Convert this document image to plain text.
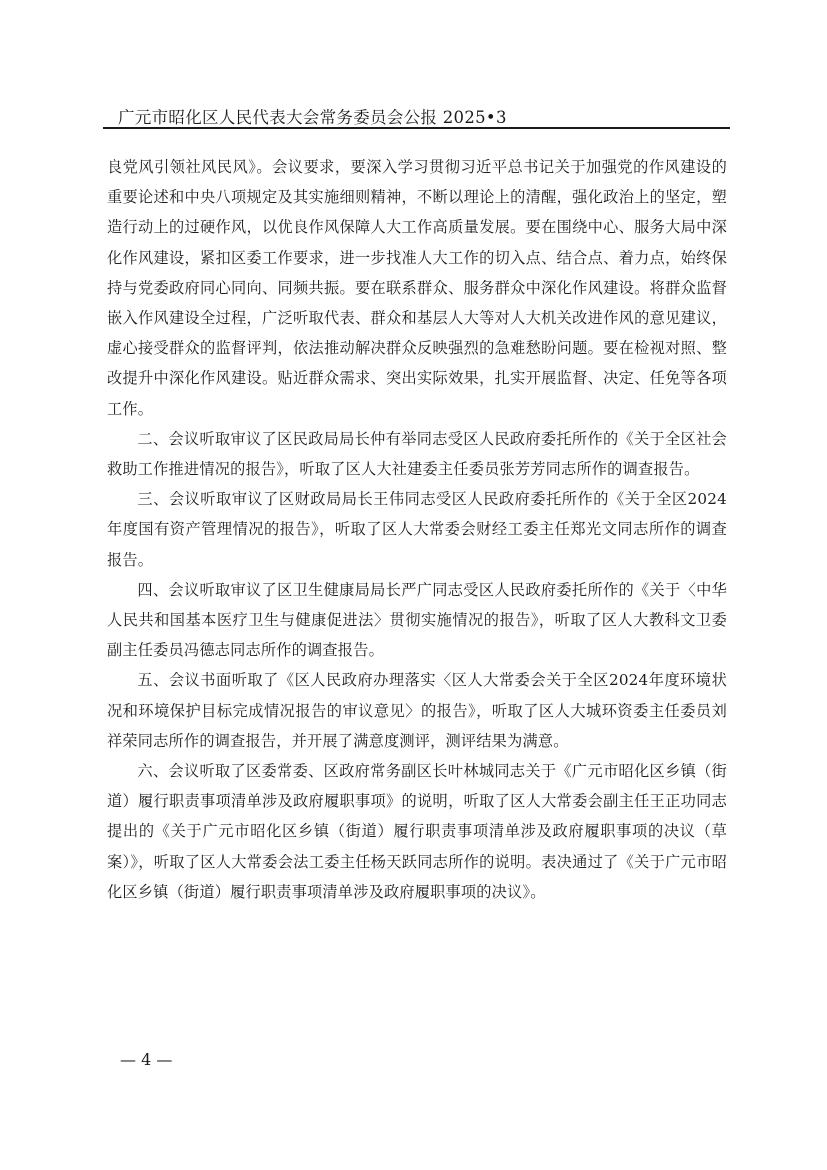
广元市昭化区人民代表大会常务委员会公报 2025•3

良党风引领社风民风》。会议要求，要深入学习贯彻习近平总书记关于加强党的作风建设的重要论述和中央八项规定及其实施细则精神，不断以理论上的清醒，强化政治上的坚定，塑造行动上的过硬作风，以优良作风保障人大工作高质量发展。要在围绕中心、服务大局中深化作风建设，紧扣区委工作要求，进一步找准人大工作的切入点、结合点、着力点，始终保持与党委政府同心同向、同频共振。要在联系群众、服务群众中深化作风建设。将群众监督嵌入作风建设全过程，广泛听取代表、群众和基层人大等对人大机关改进作风的意见建议，虚心接受群众的监督评判，依法推动解决群众反映强烈的急难愁盼问题。要在检视对照、整改提升中深化作风建设。贴近群众需求、突出实际效果，扎实开展监督、决定、任免等各项工作。

二、会议听取审议了区民政局局长仲有举同志受区人民政府委托所作的《关于全区社会救助工作推进情况的报告》，听取了区人大社建委主任委员张芳芳同志所作的调查报告。

三、会议听取审议了区财政局局长王伟同志受区人民政府委托所作的《关于全区2024年度国有资产管理情况的报告》，听取了区人大常委会财经工委主任郑光文同志所作的调查报告。

四、会议听取审议了区卫生健康局局长严广同志受区人民政府委托所作的《关于〈中华人民共和国基本医疗卫生与健康促进法〉贯彻实施情况的报告》，听取了区人大教科文卫委副主任委员冯德志同志所作的调查报告。

五、会议书面听取了《区人民政府办理落实〈区人大常委会关于全区2024年度环境状况和环境保护目标完成情况报告的审议意见〉的报告》，听取了区人大城环资委主任委员刘祥荣同志所作的调查报告，并开展了满意度测评，测评结果为满意。

六、会议听取了区委常委、区政府常务副区长叶林城同志关于《广元市昭化区乡镇（街道）履行职责事项清单涉及政府履职事项》的说明，听取了区人大常委会副主任王正功同志提出的《关于广元市昭化区乡镇（街道）履行职责事项清单涉及政府履职事项的决议（草案）》，听取了区人大常委会法工委主任杨天跃同志所作的说明。表决通过了《关于广元市昭化区乡镇（街道）履行职责事项清单涉及政府履职事项的决议》。

— 4 —
